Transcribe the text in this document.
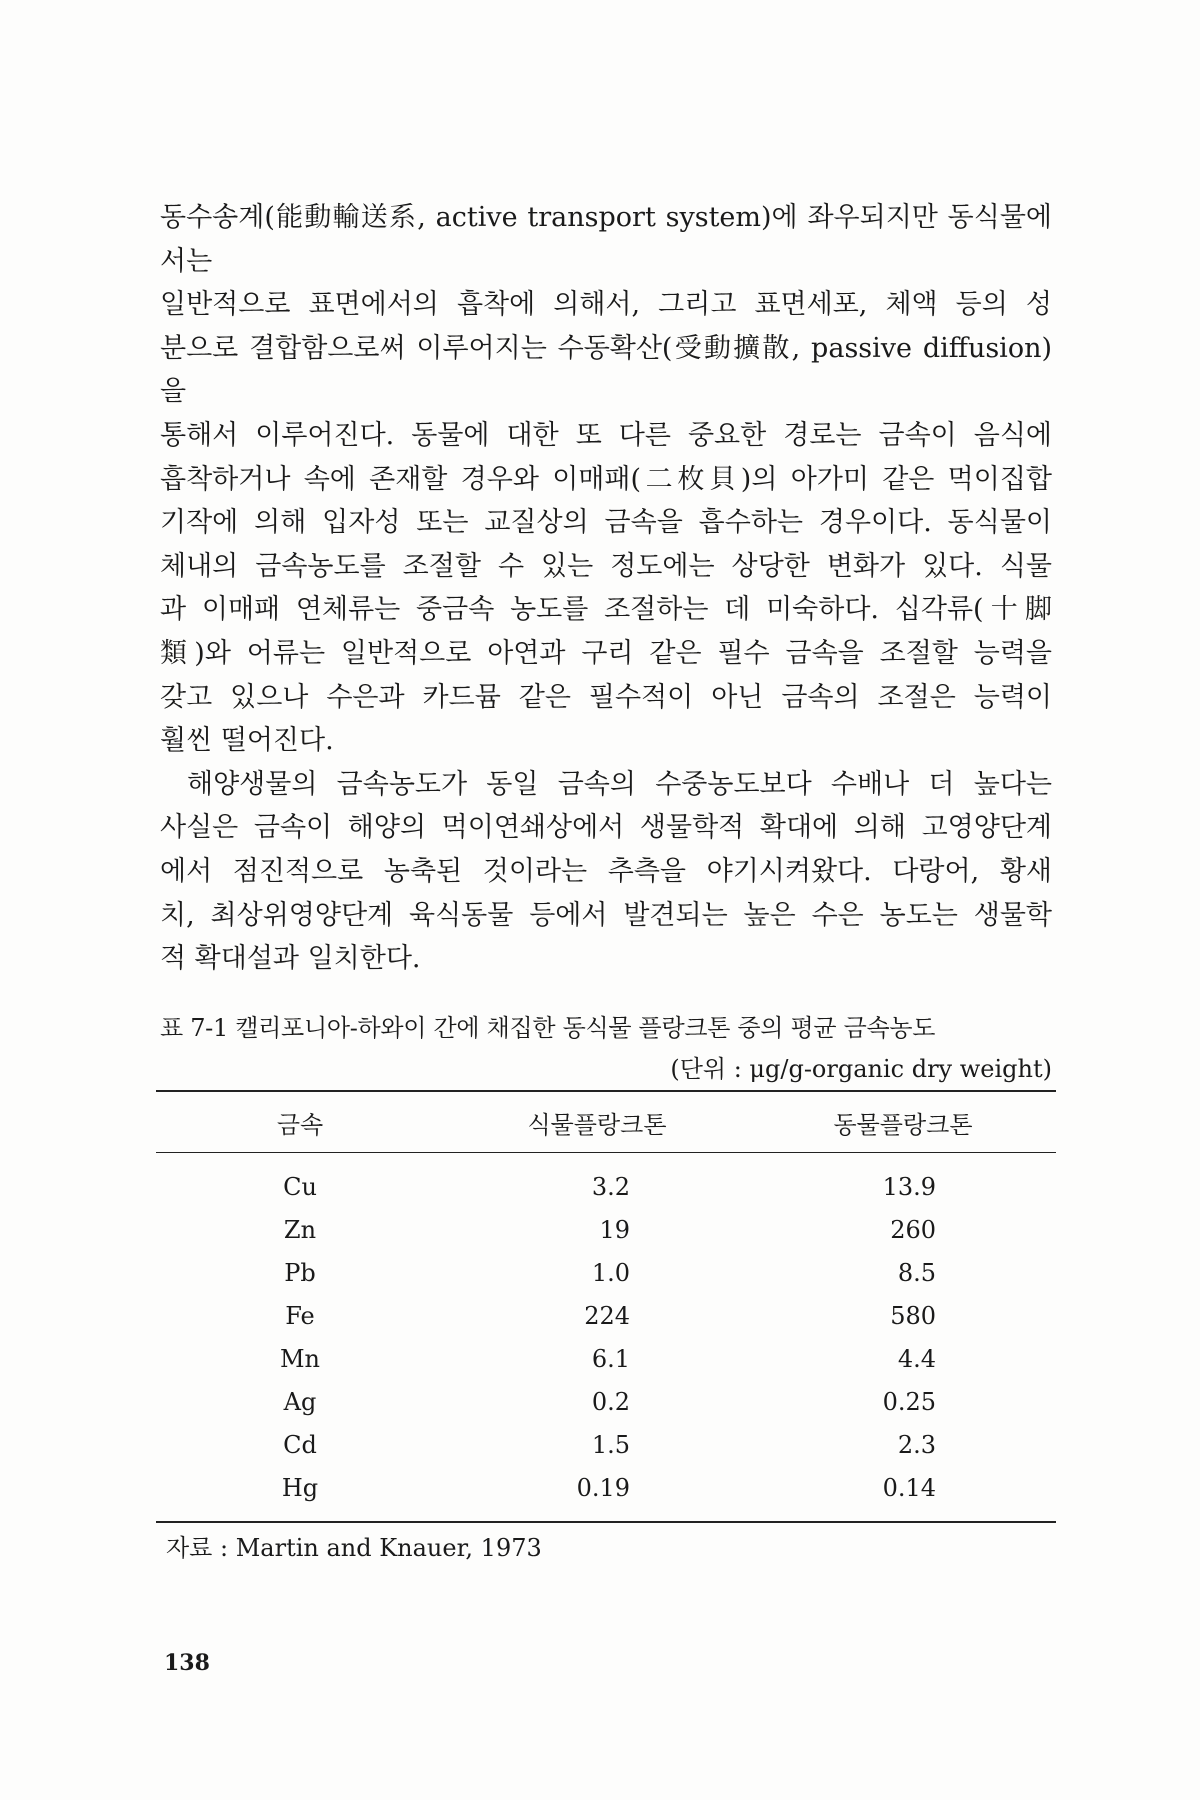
동수송계(能動輸送系, active transport system)에 좌우되지만 동식물에서는

일반적으로 표면에서의 흡착에 의해서, 그리고 표면세포, 체액 등의 성

분으로 결합함으로써 이루어지는 수동확산(受動擴散, passive diffusion)을

통해서 이루어진다. 동물에 대한 또 다른 중요한 경로는 금속이 음식에

흡착하거나 속에 존재할 경우와 이매패(二枚貝)의 아가미 같은 먹이집합

기작에 의해 입자성 또는 교질상의 금속을 흡수하는 경우이다. 동식물이

체내의 금속농도를 조절할 수 있는 정도에는 상당한 변화가 있다. 식물

과 이매패 연체류는 중금속 농도를 조절하는 데 미숙하다. 십각류(十脚

類)와 어류는 일반적으로 아연과 구리 같은 필수 금속을 조절할 능력을

갖고 있으나 수은과 카드뮴 같은 필수적이 아닌 금속의 조절은 능력이

훨씬 떨어진다.

해양생물의 금속농도가 동일 금속의 수중농도보다 수배나 더 높다는

사실은 금속이 해양의 먹이연쇄상에서 생물학적 확대에 의해 고영양단계

에서 점진적으로 농축된 것이라는 추측을 야기시켜왔다. 다랑어, 황새

치, 최상위영양단계 육식동물 등에서 발견되는 높은 수은 농도는 생물학

적 확대설과 일치한다.

표 7-1 캘리포니아-하와이 간에 채집한 동식물 플랑크톤 중의 평균 금속농도
(단위 : μg/g-organic dry weight)
금속	식물플랑크톤	동물플랑크톤
Cu	3.2	13.9
Zn	19	260
Pb	1.0	8.5
Fe	224	580
Mn	6.1	4.4
Ag	0.2	0.25
Cd	1.5	2.3
Hg	0.19	0.14
자료 : Martin and Knauer, 1973
138
